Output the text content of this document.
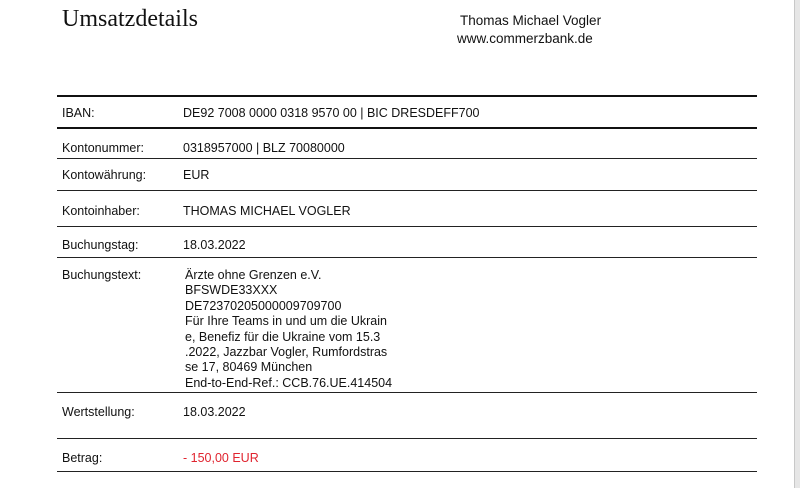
Umsatzdetails	Thomas Michael Vogler
www.commerzbank.de
IBAN:	DE92 7008 0000 0318 9570 00 | BIC DRESDEFF700
Kontonummer:	0318957000 | BLZ 70080000
Kontowährung:	EUR
Kontoinhaber:	THOMAS MICHAEL VOGLER
Buchungstag:	18.03.2022
Buchungstext:	Ärzte ohne Grenzen e.V.
BFSWDE33XXX
DE72370205000009709700
Für Ihre Teams in und um die Ukrain
e, Benefiz für die Ukraine vom 15.3
.2022, Jazzbar Vogler, Rumfordstras
se 17, 80469 München
End-to-End-Ref.: CCB.76.UE.414504
Wertstellung:	18.03.2022
Betrag:	- 150,00 EUR
